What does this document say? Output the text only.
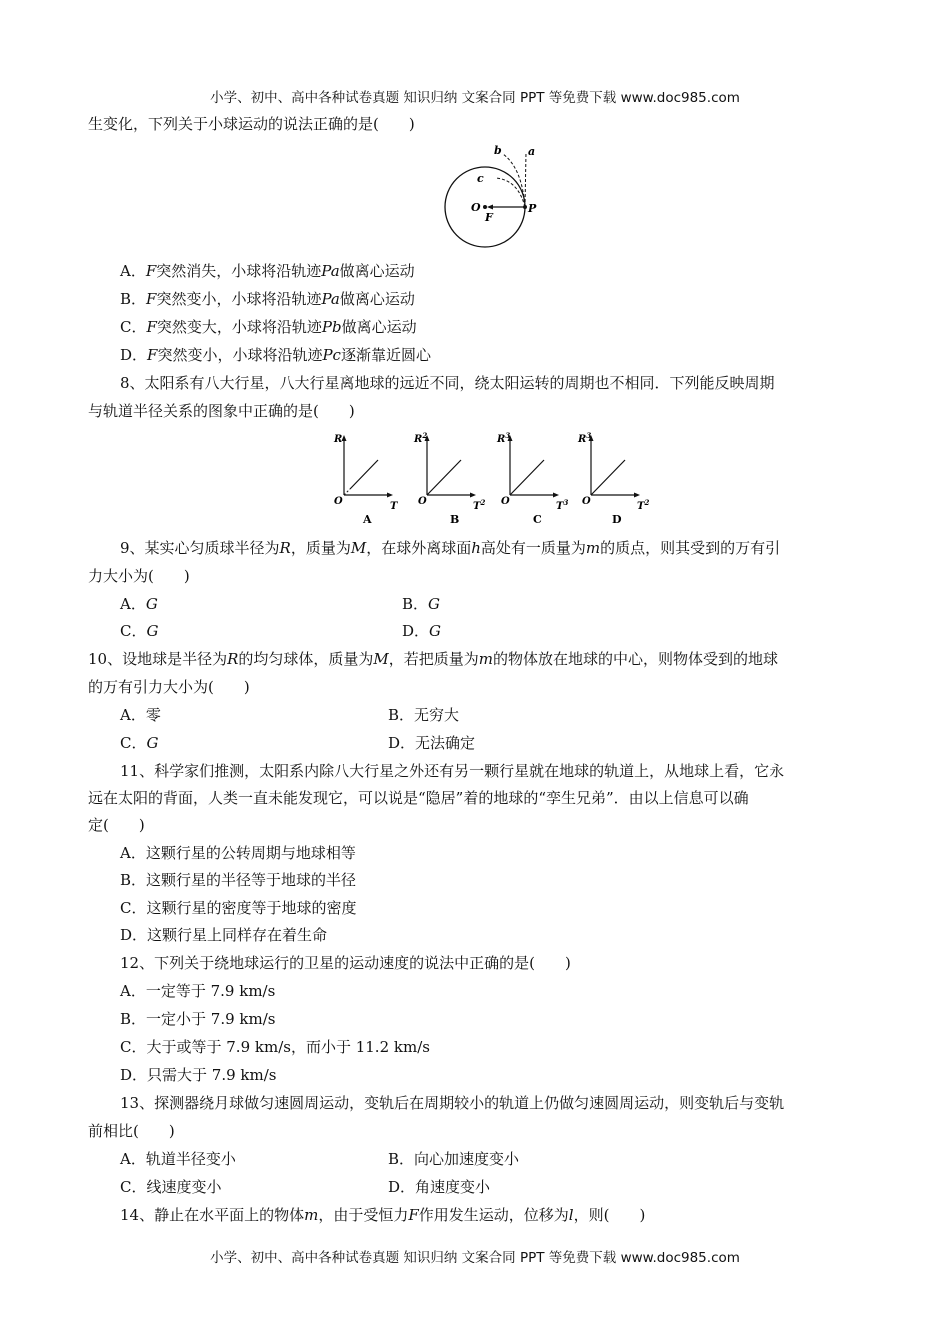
小学、初中、高中各种试卷真题 知识归纳 文案合同 PPT 等免费下载 www.doc985.com
生变化，下列关于小球运动的说法正确的是(　　)
a
b
c
O
F
P
A．F突然消失，小球将沿轨迹Pa做离心运动
B．F突然变小，小球将沿轨迹Pa做离心运动
C．F突然变大，小球将沿轨迹Pb做离心运动
D．F突然变小，小球将沿轨迹Pc逐渐靠近圆心
8、太阳系有八大行星，八大行星离地球的远近不同，绕太阳运转的周期也不相同．下列能反映周期
与轨道半径关系的图象中正确的是(　　)
R
T
O
A
$R^2$
$T^2$
O
B
$R^3$
$T^3$
O
C
$R^3$
$T^2$
O
D
9、某实心匀质球半径为R，质量为M，在球外离球面h高处有一质量为m的质点，则其受到的万有引
力大小为(　　)
A．G	B．G
C．G	D．G
10、设地球是半径为R的均匀球体，质量为M，若把质量为m的物体放在地球的中心，则物体受到的地球
的万有引力大小为(　　)
A．零	B．无穷大
C．G	D．无法确定
11、科学家们推测，太阳系内除八大行星之外还有另一颗行星就在地球的轨道上，从地球上看，它永
远在太阳的背面，人类一直未能发现它，可以说是“隐居”着的地球的“孪生兄弟”．由以上信息可以确
定(　　)
A．这颗行星的公转周期与地球相等
B．这颗行星的半径等于地球的半径
C．这颗行星的密度等于地球的密度
D．这颗行星上同样存在着生命
12、下列关于绕地球运行的卫星的运动速度的说法中正确的是(　　)
A．一定等于 7.9 km/s
B．一定小于 7.9 km/s
C．大于或等于 7.9 km/s，而小于 11.2 km/s
D．只需大于 7.9 km/s
13、探测器绕月球做匀速圆周运动，变轨后在周期较小的轨道上仍做匀速圆周运动，则变轨后与变轨
前相比(　　)
A．轨道半径变小	B．向心加速度变小
C．线速度变小	D．角速度变小
14、静止在水平面上的物体m，由于受恒力F作用发生运动，位移为l，则(　　)
小学、初中、高中各种试卷真题 知识归纳 文案合同 PPT 等免费下载 www.doc985.com
